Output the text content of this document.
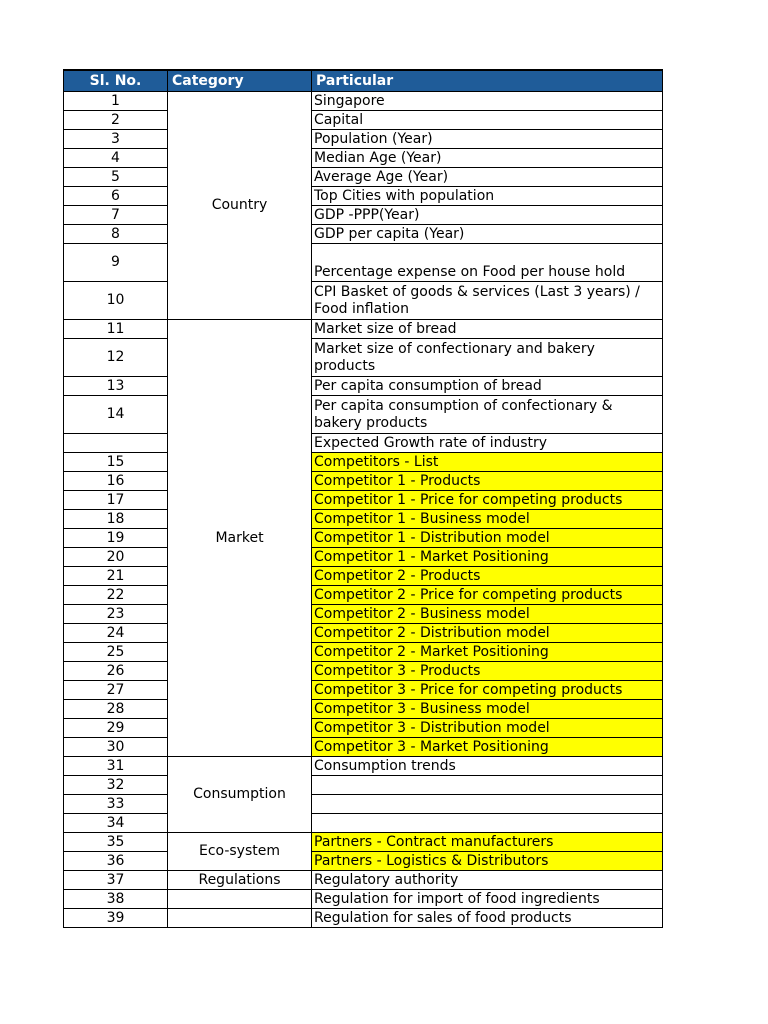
Sl. No.	Category	Particular
1	Country	Singapore
2		Capital
3		Population (Year)
4		Median Age (Year)
5		Average Age (Year)
6		Top Cities with population
7		GDP -PPP(Year)
8		GDP per capita (Year)
9		Percentage expense on Food per house hold
10		CPI Basket of goods & services (Last 3 years) / Food inflation
11	Market	Market size of bread
12		Market size of confectionary and bakery products
13		Per capita consumption of bread
14		Per capita consumption of confectionary & bakery products
		Expected Growth rate of industry
15		Competitors - List
16		Competitor 1 - Products
17		Competitor 1 - Price for competing products
18		Competitor 1 - Business model
19		Competitor 1 - Distribution model
20		Competitor 1 - Market Positioning
21		Competitor 2 - Products
22		Competitor 2 - Price for competing products
23		Competitor 2 - Business model
24		Competitor 2 - Distribution model
25		Competitor 2 - Market Positioning
26		Competitor 3 - Products
27		Competitor 3 - Price for competing products
28		Competitor 3 - Business model
29		Competitor 3 - Distribution model
30		Competitor 3 - Market Positioning
31	Consumption	Consumption trends
32		
33		
34		
35	Eco-system	Partners - Contract manufacturers
36		Partners - Logistics & Distributors
37	Regulations	Regulatory authority
38		Regulation for import of food ingredients
39		Regulation for sales of food products
